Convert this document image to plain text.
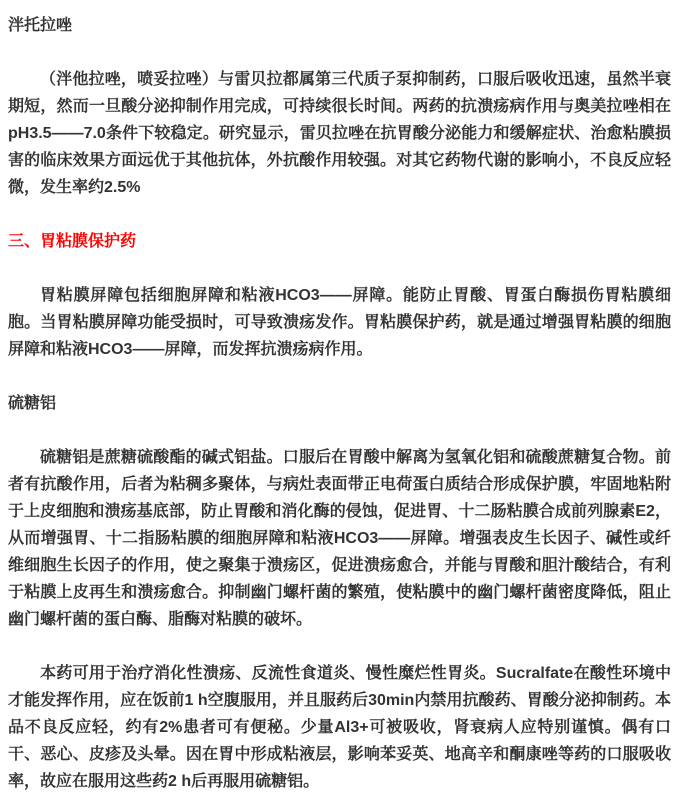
泮托拉唑

（泮他拉唑，喷妥拉唑）与雷贝拉都属第三代质子泵抑制药，口服后吸收迅速，虽然半衰期短，然而一旦酸分泌抑制作用完成，可持续很长时间。两药的抗溃疡病作用与奥美拉唑相在pH3.5——7.0条件下较稳定。研究显示，雷贝拉唑在抗胃酸分泌能力和缓解症状、治愈粘膜损害的临床效果方面远优于其他抗体，外抗酸作用较强。对其它药物代谢的影响小，不良反应轻微，发生率约2.5%

三、胃粘膜保护药

胃粘膜屏障包括细胞屏障和粘液HCO3——屏障。能防止胃酸、胃蛋白酶损伤胃粘膜细胞。当胃粘膜屏障功能受损时，可导致溃疡发作。胃粘膜保护药，就是通过增强胃粘膜的细胞屏障和粘液HCO3——屏障，而发挥抗溃疡病作用。

硫糖铝

硫糖铝是蔗糖硫酸酯的碱式铝盐。口服后在胃酸中解离为氢氧化铝和硫酸蔗糖复合物。前者有抗酸作用，后者为粘稠多聚体，与病灶表面带正电荷蛋白质结合形成保护膜，牢固地粘附于上皮细胞和溃疡基底部，防止胃酸和消化酶的侵蚀，促进胃、十二肠粘膜合成前列腺素E2，从而增强胃、十二指肠粘膜的细胞屏障和粘液HCO3——屏障。增强表皮生长因子、碱性或纤维细胞生长因子的作用，使之聚集于溃疡区，促进溃疡愈合，并能与胃酸和胆汁酸结合，有利于粘膜上皮再生和溃疡愈合。抑制幽门螺杆菌的繁殖，使粘膜中的幽门螺杆菌密度降低，阻止幽门螺杆菌的蛋白酶、脂酶对粘膜的破坏。

本药可用于治疗消化性溃疡、反流性食道炎、慢性糜烂性胃炎。Sucralfate在酸性环境中才能发挥作用，应在饭前1 h空腹服用，并且服药后30min内禁用抗酸药、胃酸分泌抑制药。本品不良反应轻，约有2%患者可有便秘。少量Al3+可被吸收，肾衰病人应特别谨慎。偶有口干、恶心、皮疹及头晕。因在胃中形成粘液层，影响苯妥英、地高辛和酮康唑等药的口服吸收率，故应在服用这些药2 h后再服用硫糖铝。
